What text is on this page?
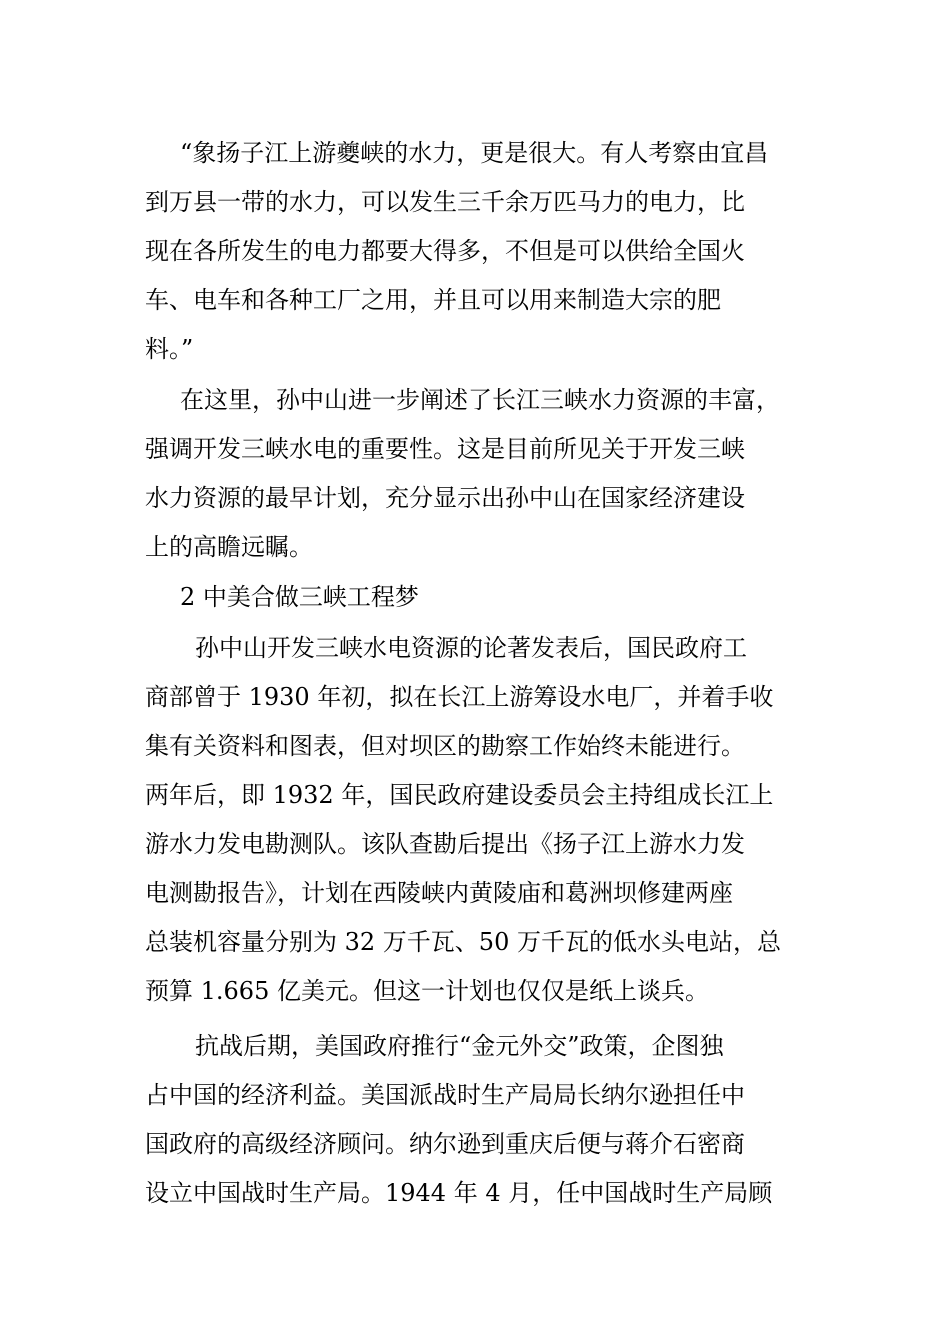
“象扬子江上游夔峡的水力，更是很大。有人考察由宜昌
到万县一带的水力，可以发生三千余万匹马力的电力，比
现在各所发生的电力都要大得多，不但是可以供给全国火
车、电车和各种工厂之用，并且可以用来制造大宗的肥
料。”
在这里，孙中山进一步阐述了长江三峡水力资源的丰富，
强调开发三峡水电的重要性。这是目前所见关于开发三峡
水力资源的最早计划，充分显示出孙中山在国家经济建设
上的高瞻远瞩。
2 中美合做三峡工程梦
孙中山开发三峡水电资源的论著发表后，国民政府工
商部曾于 1930 年初，拟在长江上游筹设水电厂，并着手收
集有关资料和图表，但对坝区的勘察工作始终未能进行。
两年后，即 1932 年，国民政府建设委员会主持组成长江上
游水力发电勘测队。该队查勘后提出《扬子江上游水力发
电测勘报告》，计划在西陵峡内黄陵庙和葛洲坝修建两座
总装机容量分别为 32 万千瓦、50 万千瓦的低水头电站，总
预算 1.665 亿美元。但这一计划也仅仅是纸上谈兵。
抗战后期，美国政府推行“金元外交”政策，企图独
占中国的经济利益。美国派战时生产局局长纳尔逊担任中
国政府的高级经济顾问。纳尔逊到重庆后便与蒋介石密商
设立中国战时生产局。1944 年 4 月，任中国战时生产局顾
